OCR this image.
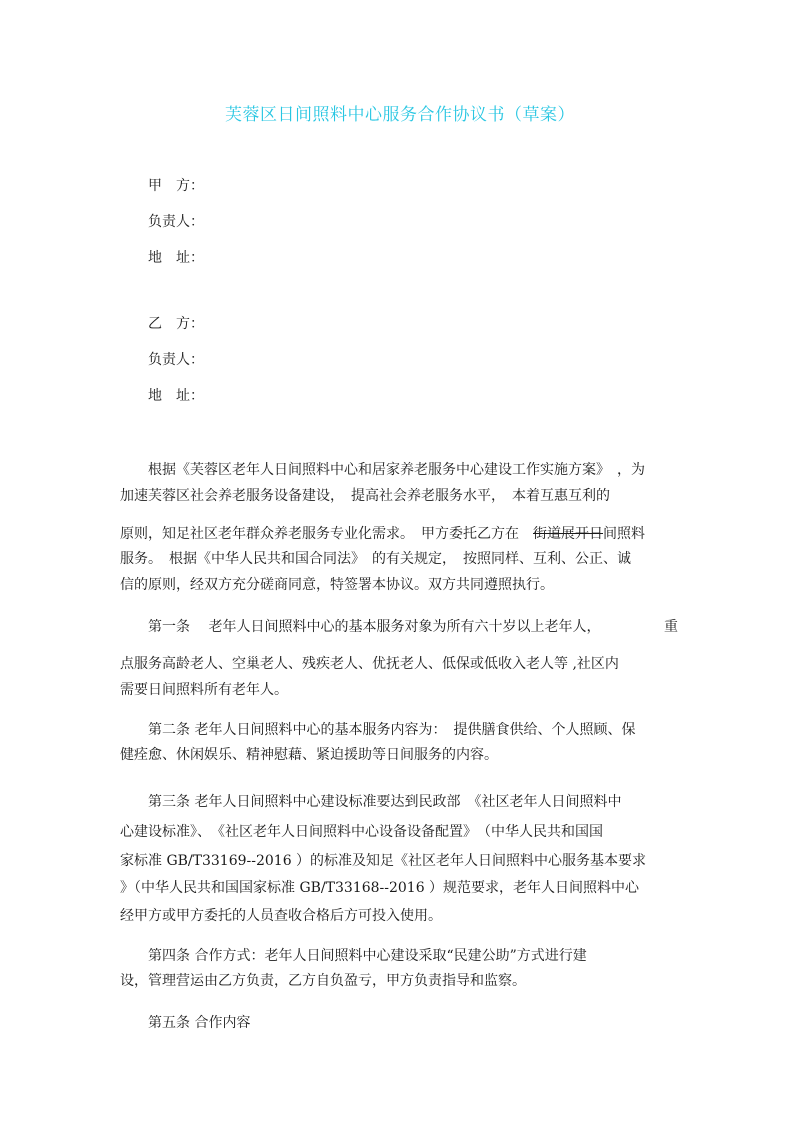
芙蓉区日间照料中心服务合作协议书（草案）
甲　方：
负责人：
地　址：
乙　方：
负责人：
地　址：
根据《芙蓉区老年人日间照料中心和居家养老服务中心建设工作实施方案》　，为
加速芙蓉区社会养老服务设备建设，　提高社会养老服务水平，　本着互惠互利的
原则，知足社区老年群众养老服务专业化需求。　甲方委托乙方在　街道展开日间照料
服务。　根据《中华人民共和国合同法》　的有关规定，　按照同样、互利、公正、诚
信的原则，经双方充分磋商同意，特签署本协议。双方共同遵照执行。
第一条　 老年人日间照料中心的基本服务对象为所有六十岁以上老年人，	重
点服务高龄老人、空巢老人、残疾老人、优抚老人、低保或低收入老人等 ,社区内
需要日间照料所有老年人。
第二条 老年人日间照料中心的基本服务内容为：　提供膳食供给、个人照顾、保
健痊愈、休闲娱乐、精神慰藉、紧迫援助等日间服务的内容。
第三条 老年人日间照料中心建设标准要达到民政部　《社区老年人日间照料中
心建设标准》、　《社区老年人日间照料中心设备设备配置》　（中华人民共和国国
家标准 GB/T33169--2016 ）的标准及知足《社区老年人日间照料中心服务基本要求
》（中华人民共和国国家标准 GB/T33168--2016 ）规范要求，老年人日间照料中心
经甲方或甲方委托的人员查收合格后方可投入使用。
第四条 合作方式：老年人日间照料中心建设采取“民建公助”方式进行建
设，管理营运由乙方负责，乙方自负盈亏，甲方负责指导和监察。
第五条 合作内容
